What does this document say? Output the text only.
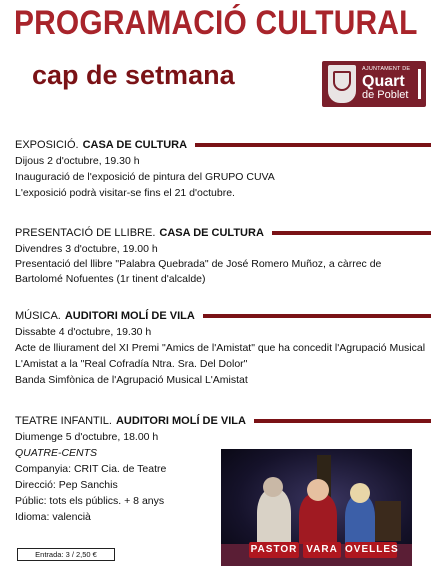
PROGRAMACIÓ CULTURAL
cap de setmana	AJUNTAMENT DE
Quart
de Poblet
EXPOSICIÓ. CASA DE CULTURA
Dijous 2 d'octubre, 19.30 h
Inauguració de l'exposició de pintura del GRUPO CUVA
L'exposició podrà visitar-se fins el 21 d'octubre.
PRESENTACIÓ DE LLIBRE. CASA DE CULTURA
Divendres 3 d'octubre, 19.00 h
Presentació del llibre "Palabra Quebrada" de José Romero Muñoz, a càrrec de Bartolomé Nofuentes (1r tinent d'alcalde)
MÚSICA. AUDITORI MOLÍ DE VILA
Dissabte 4 d'octubre, 19.30 h
Acte de lliurament del XI Premi "Amics de l'Amistat" que ha concedit l'Agrupació Musical
L'Amistat a la "Real Cofradía Ntra. Sra. Del Dolor"
Banda Simfònica de l'Agrupació Musical L'Amistat
TEATRE INFANTIL. AUDITORI MOLÍ DE VILA
Diumenge 5 d'octubre, 18.00 h
QUATRE-CENTS
Companyia: CRIT Cia. de Teatre
Direcció: Pep Sanchis
Públic: tots els públics. + 8 anys
Idioma: valencià
PASTOR VARA OVELLES
Entrada: 3 / 2,50 €
